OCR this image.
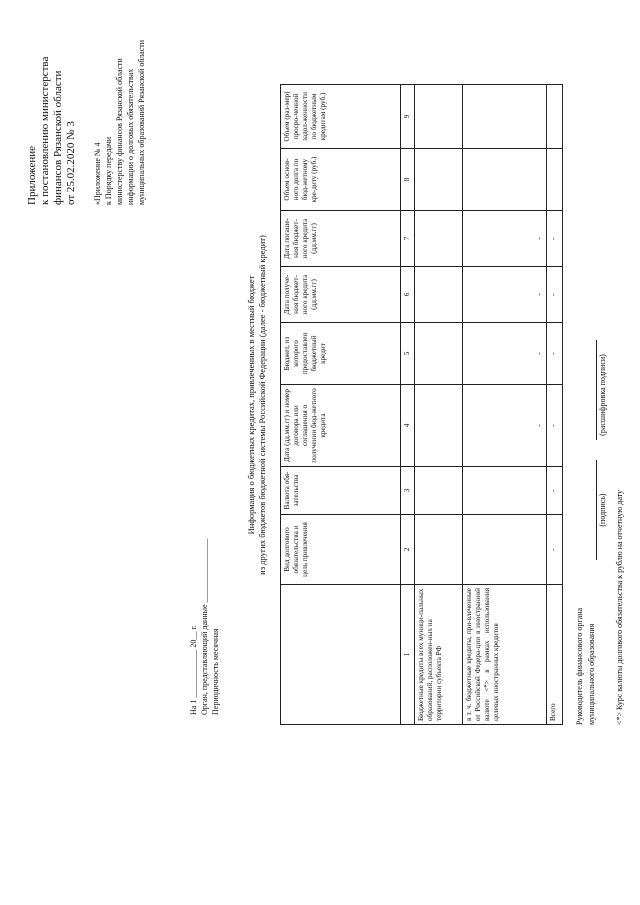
Приложение к постановлению министерства финансов Рязанской области от 25.02.2020 № 3 «Приложение № 4 к Порядку передачи министерству финансов Рязанской области информации о долговых обязательствах муниципальных образований Рязанской области
На 1 ____________ 20__ г. Орган, представляющий данные ________________ Периодичность месячная
Информация о бюджетных кредитах, привлеченных в местный бюджет из других бюджетов бюджетной системы Российской Федерации (далее - бюджетный кредит)
	Вид долгового обязательства и цель привлечения	Валюта обя-зательства	Дата (дд.мм.гг) и номер договора или соглашения о получении бюд-жетного кредита	Бюджет, из которого предоставлен бюджетный кредит	Дата получе-ния бюджет-ного кредита (дд.мм.гг)	Дата погаше-ния бюджет-ного кредита (дд.мм.гг)	Объем основ-ного долга по бюд-жетному кре-диту (руб.)	Объем (раз-мер) просро-ченной задол-женности по бюджетным кредитам (руб.)
1	2	3	4	5	6	7	8	9
Бюджетные кредиты всех муници-пальных образований, расположен-ных на территории субъекта РФ								
в т. ч. бюджетные кредиты, при-влеченные от Российской Федера-ции в иностранной валюте <*> в рамках использования целевых иностранных кредитов			-	-	-	-		
Всего	-	-	-	-	-	-		
Руководитель финансового органа муниципального образования

(подпись)
(расшифровка подписи)
<*> Курс валюты долгового обязательства к рублю на отчетную дату
